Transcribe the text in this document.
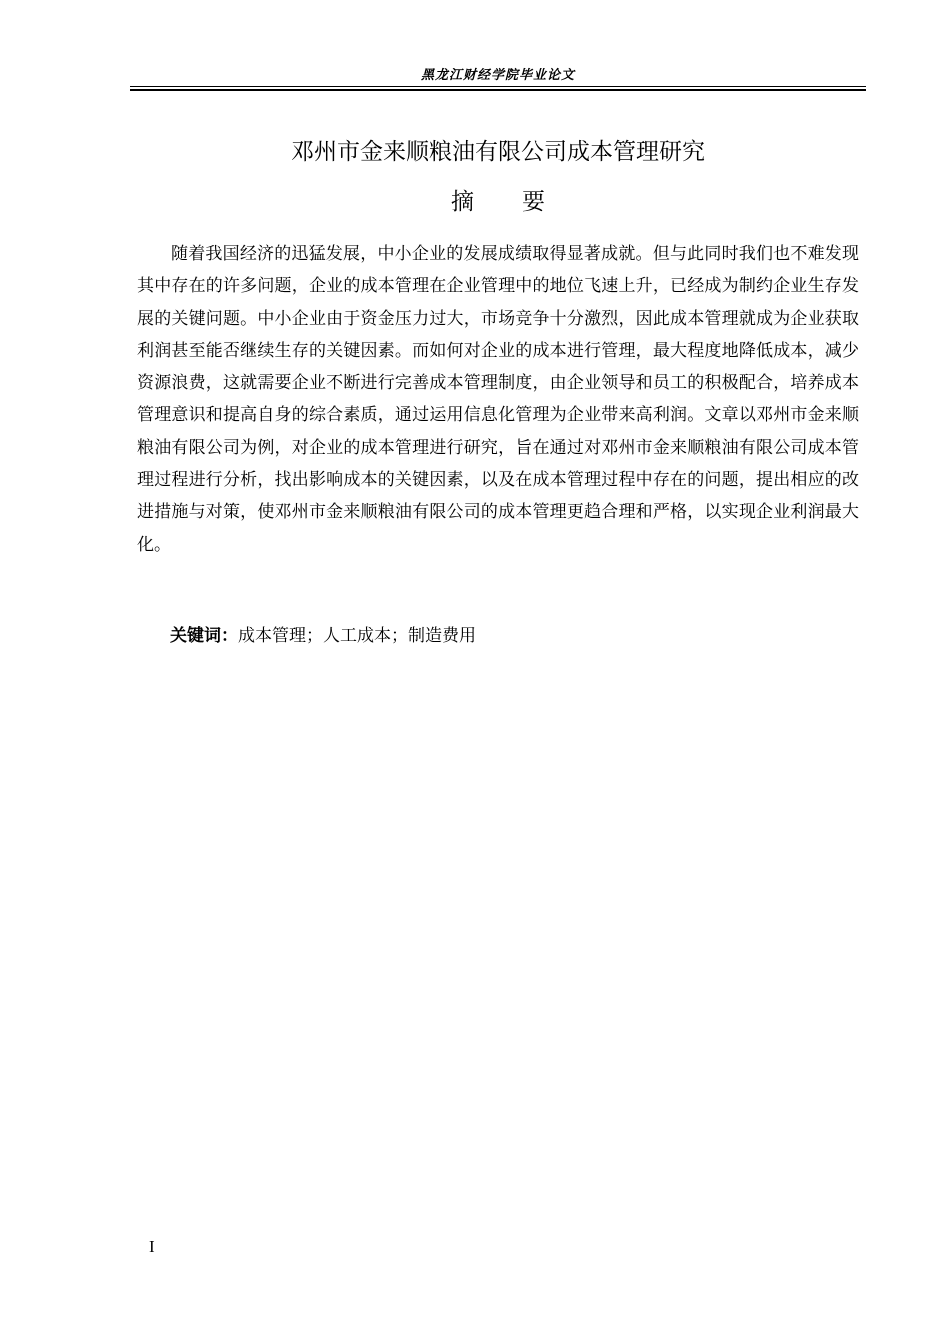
黑龙江财经学院毕业论文
邓州市金来顺粮油有限公司成本管理研究
摘要

随着我国经济的迅猛发展，中小企业的发展成绩取得显著成就。但与此同时我们也不难发现其中存在的许多问题，企业的成本管理在企业管理中的地位飞速上升，已经成为制约企业生存发展的关键问题。中小企业由于资金压力过大，市场竞争十分激烈，因此成本管理就成为企业获取利润甚至能否继续生存的关键因素。而如何对企业的成本进行管理，最大程度地降低成本，减少资源浪费，这就需要企业不断进行完善成本管理制度，由企业领导和员工的积极配合，培养成本管理意识和提高自身的综合素质，通过运用信息化管理为企业带来高利润。文章以邓州市金来顺粮油有限公司为例，对企业的成本管理进行研究，旨在通过对邓州市金来顺粮油有限公司成本管理过程进行分析，找出影响成本的关键因素，以及在成本管理过程中存在的问题，提出相应的改进措施与对策，使邓州市金来顺粮油有限公司的成本管理更趋合理和严格，以实现企业利润最大化。

关键词：成本管理；人工成本；制造费用
I
